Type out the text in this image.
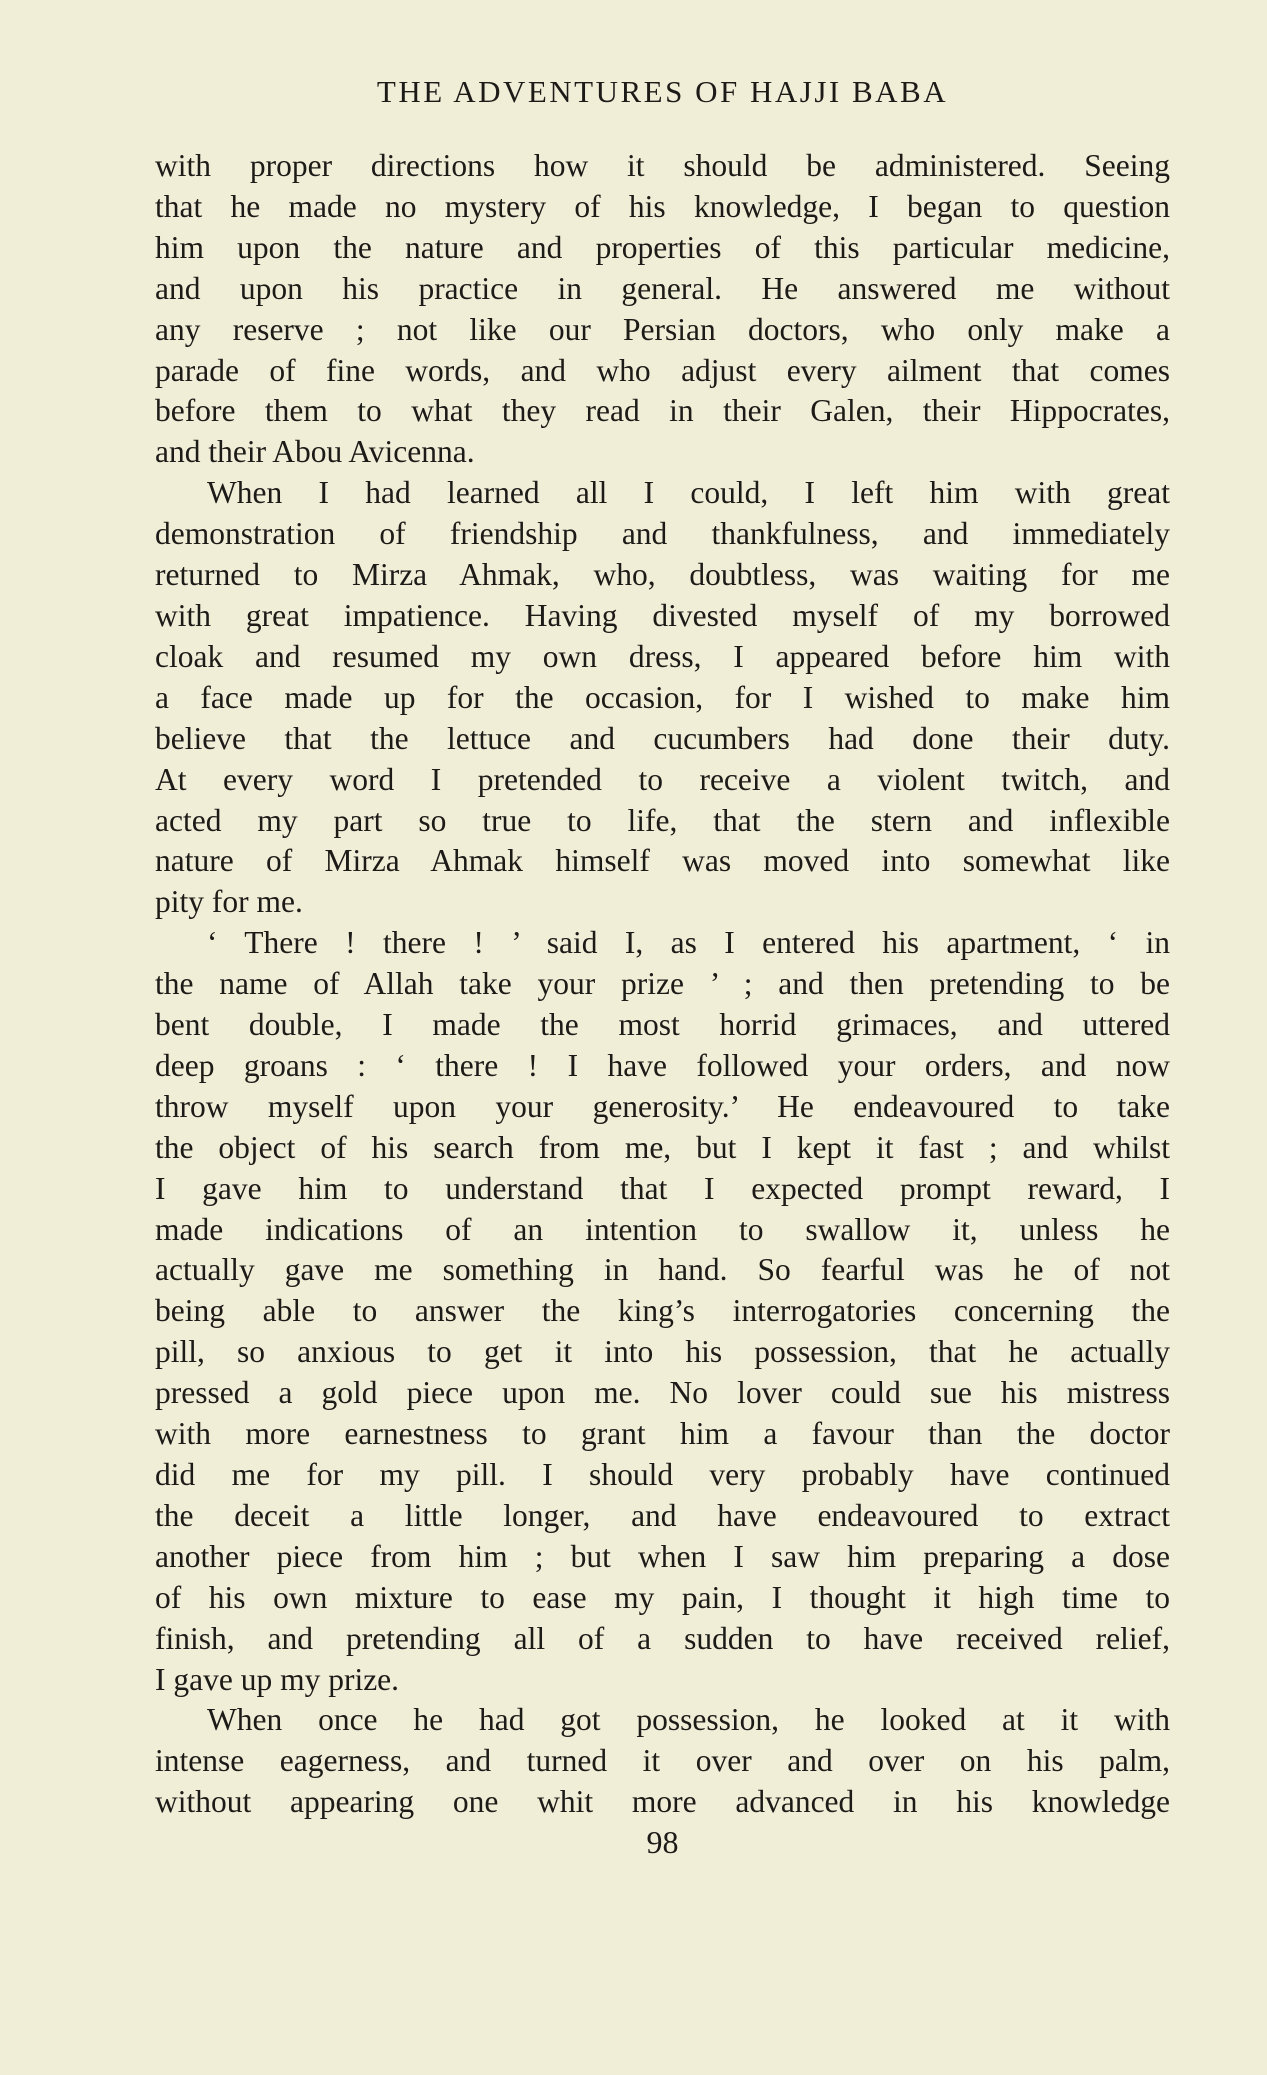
THE ADVENTURES OF HAJJI BABA

with proper directions how it should be administered. Seeing

that he made no mystery of his knowledge, I began to question

him upon the nature and properties of this particular medicine,

and upon his practice in general. He answered me without

any reserve ; not like our Persian doctors, who only make a

parade of fine words, and who adjust every ailment that comes

before them to what they read in their Galen, their Hippocrates,

and their Abou Avicenna.

When I had learned all I could, I left him with great

demonstration of friendship and thankfulness, and immediately

returned to Mirza Ahmak, who, doubtless, was waiting for me

with great impatience. Having divested myself of my borrowed

cloak and resumed my own dress, I appeared before him with

a face made up for the occasion, for I wished to make him

believe that the lettuce and cucumbers had done their duty.

At every word I pretended to receive a violent twitch, and

acted my part so true to life, that the stern and inflexible

nature of Mirza Ahmak himself was moved into somewhat like

pity for me.

‘ There ! there ! ’ said I, as I entered his apartment, ‘ in

the name of Allah take your prize ’ ; and then pretending to be

bent double, I made the most horrid grimaces, and uttered

deep groans : ‘ there ! I have followed your orders, and now

throw myself upon your generosity.’ He endeavoured to take

the object of his search from me, but I kept it fast ; and whilst

I gave him to understand that I expected prompt reward, I

made indications of an intention to swallow it, unless he

actually gave me something in hand. So fearful was he of not

being able to answer the king’s interrogatories concerning the

pill, so anxious to get it into his possession, that he actually

pressed a gold piece upon me. No lover could sue his mistress

with more earnestness to grant him a favour than the doctor

did me for my pill. I should very probably have continued

the deceit a little longer, and have endeavoured to extract

another piece from him ; but when I saw him preparing a dose

of his own mixture to ease my pain, I thought it high time to

finish, and pretending all of a sudden to have received relief,

I gave up my prize.

When once he had got possession, he looked at it with

intense eagerness, and turned it over and over on his palm,

without appearing one whit more advanced in his knowledge

98
